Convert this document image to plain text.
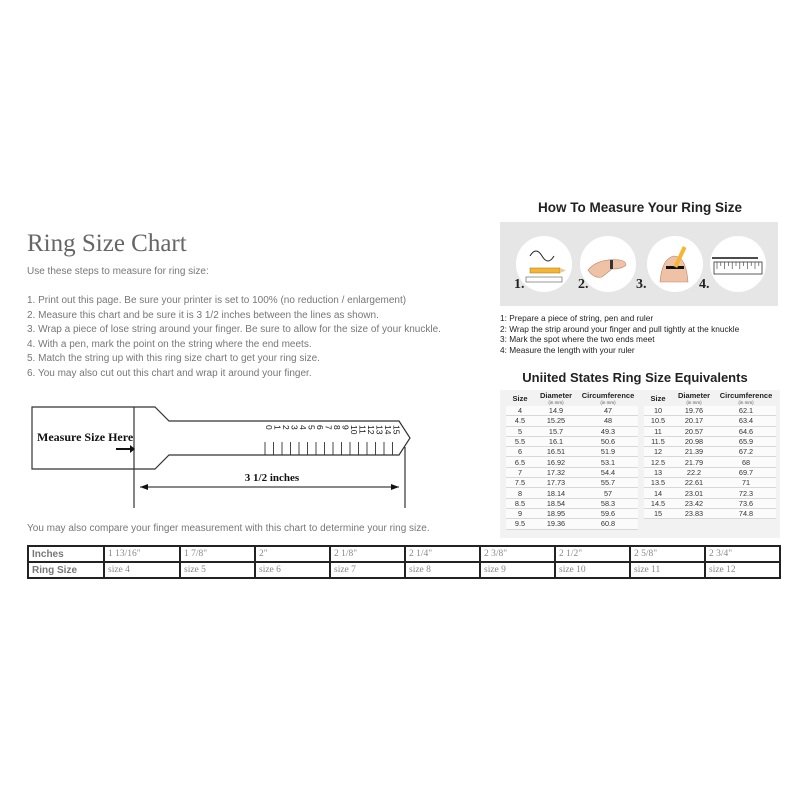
Ring Size Chart
Use these steps to measure for ring size:
1. Print out this page. Be sure your printer is set to 100% (no reduction / enlargement)
2. Measure this chart and be sure it is 3 1/2 inches between the lines as shown.
3. Wrap a piece of lose string around your finger. Be sure to allow for the size of your knuckle.
4. With a pen, mark the point on the string where the end meets.
5. Match the string up with this ring size chart to get your ring size.
6. You may also cut out this chart and wrap it around your finger.
Measure Size Here
0
1
2
3
4
5
6
7
8
9
10
11
12
13
14
15
3 1/2 inches
You may also compare your finger measurement with this chart to determine your ring size.
Inches	1 13/16"	1 7/8"	2"	2 1/8"	2 1/4"	2 3/8"	2 1/2"	2 5/8"	2 3/4"
Ring Size	size 4	size 5	size 6	size 7	size 8	size 9	size 10	size 11	size 12
How To Measure Your Ring Size
1.	2.	3.	4.
1: Prepare a piece of string, pen and ruler
2: Wrap the strip around your finger and pull tightly at the knuckle
3: Mark the spot where the two ends meet
4: Measure the length with your ruler
Uniited States Ring Size Equivalents
Size	Diameter
(in mm)	Circumference
(in mm)

4	14.9	47
4.5	15.25	48
5	15.7	49.3
5.5	16.1	50.6
6	16.51	51.9
6.5	16.92	53.1
7	17.32	54.4
7.5	17.73	55.7
8	18.14	57
8.5	18.54	58.3
9	18.95	59.6
9.5	19.36	60.8
Size	Diameter
(in mm)	Circumference
(in mm)

10	19.76	62.1
10.5	20.17	63.4
11	20.57	64.6
11.5	20.98	65.9
12	21.39	67.2
12.5	21.79	68
13	22.2	69.7
13.5	22.61	71
14	23.01	72.3
14.5	23.42	73.6
15	23.83	74.8
